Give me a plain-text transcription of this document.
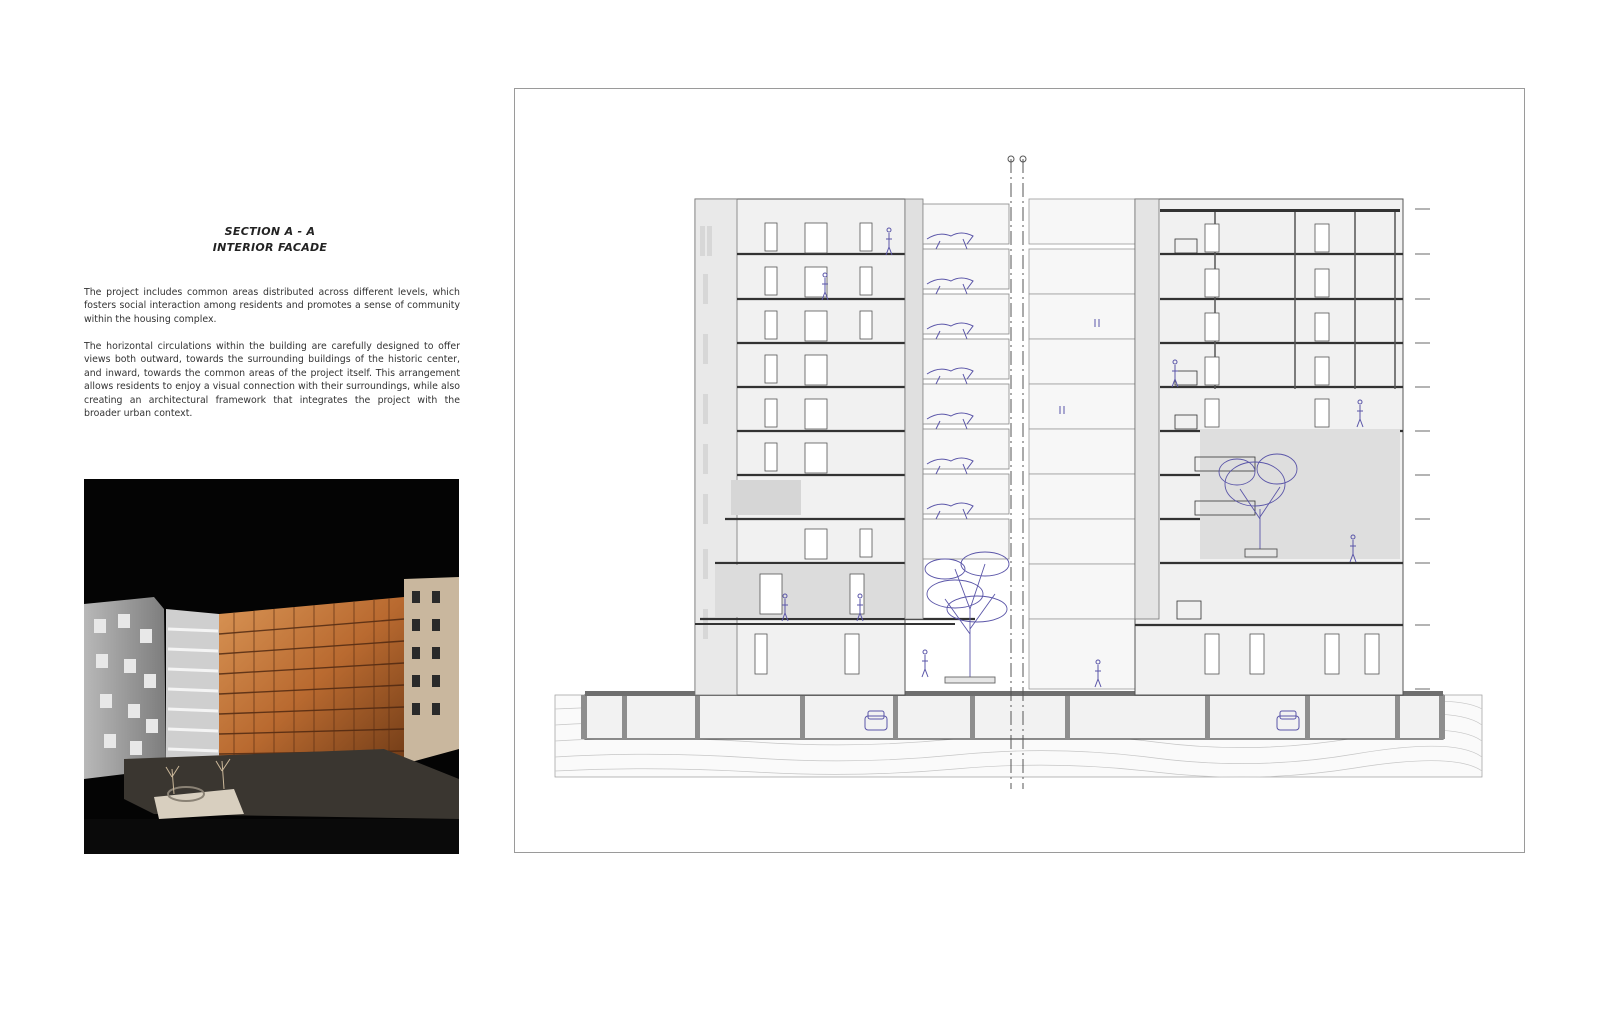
SECTION A - A
INTERIOR FACADE
The project includes common areas distributed across different levels, which fosters social interaction among residents and promotes a sense of community within the housing complex.
The horizontal circulations within the building are carefully designed to offer views both outward, towards the surrounding buildings of the historic center, and inward, towards the common areas of the project itself. This arrangement allows residents to enjoy a visual connection with their surroundings, while also creating an architectural framework that integrates the project with the broader urban context.
